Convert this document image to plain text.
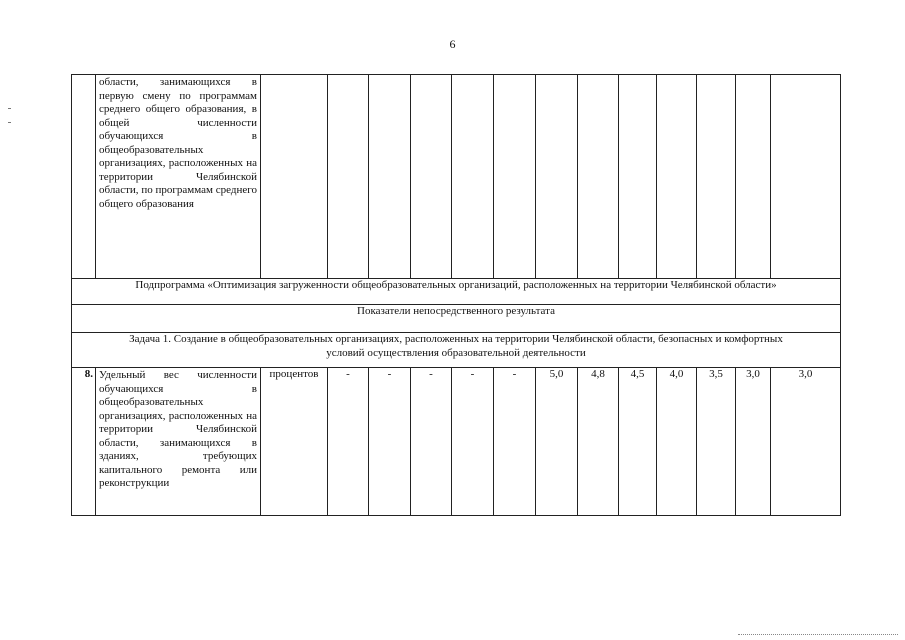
6
	области, занимающихся в первую смену по программам среднего общего образования, в общей численности обучающихся в общеобразовательных организациях, расположенных на территории Челябинской области, по программам среднего общего образования													
Подпрограмма «Оптимизация загруженности общеобразовательных организаций, расположенных на территории Челябинской области»														
Показатели непосредственного результата														
Задача 1. Создание в общеобразовательных организациях, расположенных на территории Челябинской области, безопасных и комфортных условий осуществления образовательной деятельности														
8.	Удельный вес численности обучающихся в общеобразовательных организациях, расположенных на территории Челябинской области, занимающихся в зданиях, требующих капитального ремонта или реконструкции	процентов	-	-	-	-	-	5,0	4,8	4,5	4,0	3,5	3,0	3,0
